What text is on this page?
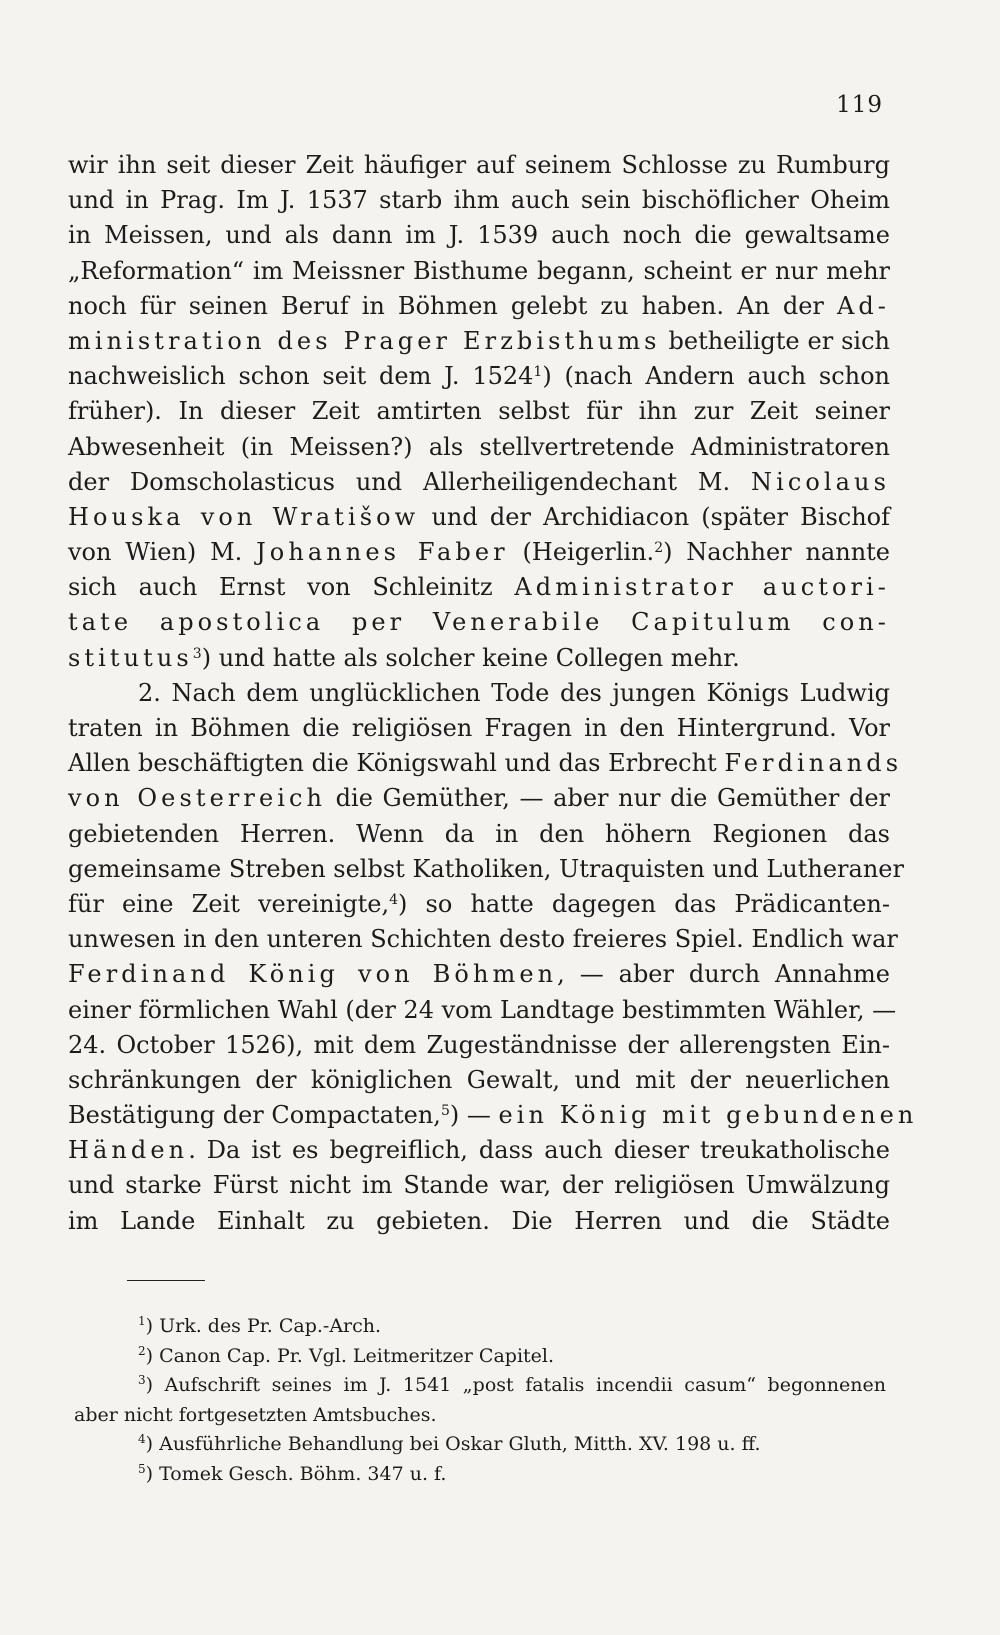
119
wir ihn seit dieser Zeit häufiger auf seinem Schlosse zu Rumburg
und in Prag. Im J. 1537 starb ihm auch sein bischöflicher Oheim
in Meissen, und als dann im J. 1539 auch noch die gewaltsame
„Reformation“ im Meissner Bisthume begann, scheint er nur mehr
noch für seinen Beruf in Böhmen gelebt zu haben. An der Ad-
ministration des Prager Erzbisthums betheiligte er sich
nachweislich schon seit dem J. 1524$^1$) (nach Andern auch schon
früher). In dieser Zeit amtirten selbst für ihn zur Zeit seiner
Abwesenheit (in Meissen?) als stellvertretende Administratoren
der Domscholasticus und Allerheiligendechant M. Nicolaus
Houska von Wratišow und der Archidiacon (später Bischof
von Wien) M. Johannes Faber (Heigerlin.$^2$) Nachher nannte
sich auch Ernst von Schleinitz Administrator auctori-
tate apostolica per Venerabile Capitulum con-
stitutus$^3$) und hatte als solcher keine Collegen mehr.
2. Nach dem unglücklichen Tode des jungen Königs Ludwig
traten in Böhmen die religiösen Fragen in den Hintergrund. Vor
Allen beschäftigten die Königswahl und das Erbrecht Ferdinands
von Oesterreich die Gemüther, — aber nur die Gemüther der
gebietenden Herren. Wenn da in den höhern Regionen das
gemeinsame Streben selbst Katholiken, Utraquisten und Lutheraner
für eine Zeit vereinigte,$^4$) so hatte dagegen das Prädicanten-
unwesen in den unteren Schichten desto freieres Spiel. Endlich war
Ferdinand König von Böhmen, — aber durch Annahme
einer förmlichen Wahl (der 24 vom Landtage bestimmten Wähler, —
24. October 1526), mit dem Zugeständnisse der allerengsten Ein-
schränkungen der königlichen Gewalt, und mit der neuerlichen
Bestätigung der Compactaten,$^5$) — ein König mit gebundenen
Händen. Da ist es begreiflich, dass auch dieser treukatholische
und starke Fürst nicht im Stande war, der religiösen Umwälzung
im Lande Einhalt zu gebieten. Die Herren und die Städte
$^1$) Urk. des Pr. Cap.-Arch.
$^2$) Canon Cap. Pr. Vgl. Leitmeritzer Capitel.
$^3$) Aufschrift seines im J. 1541 „post fatalis incendii casum“ begonnenen
aber nicht fortgesetzten Amtsbuches.
$^4$) Ausführliche Behandlung bei Oskar Gluth, Mitth. XV. 198 u. ff.
$^5$) Tomek Gesch. Böhm. 347 u. f.
